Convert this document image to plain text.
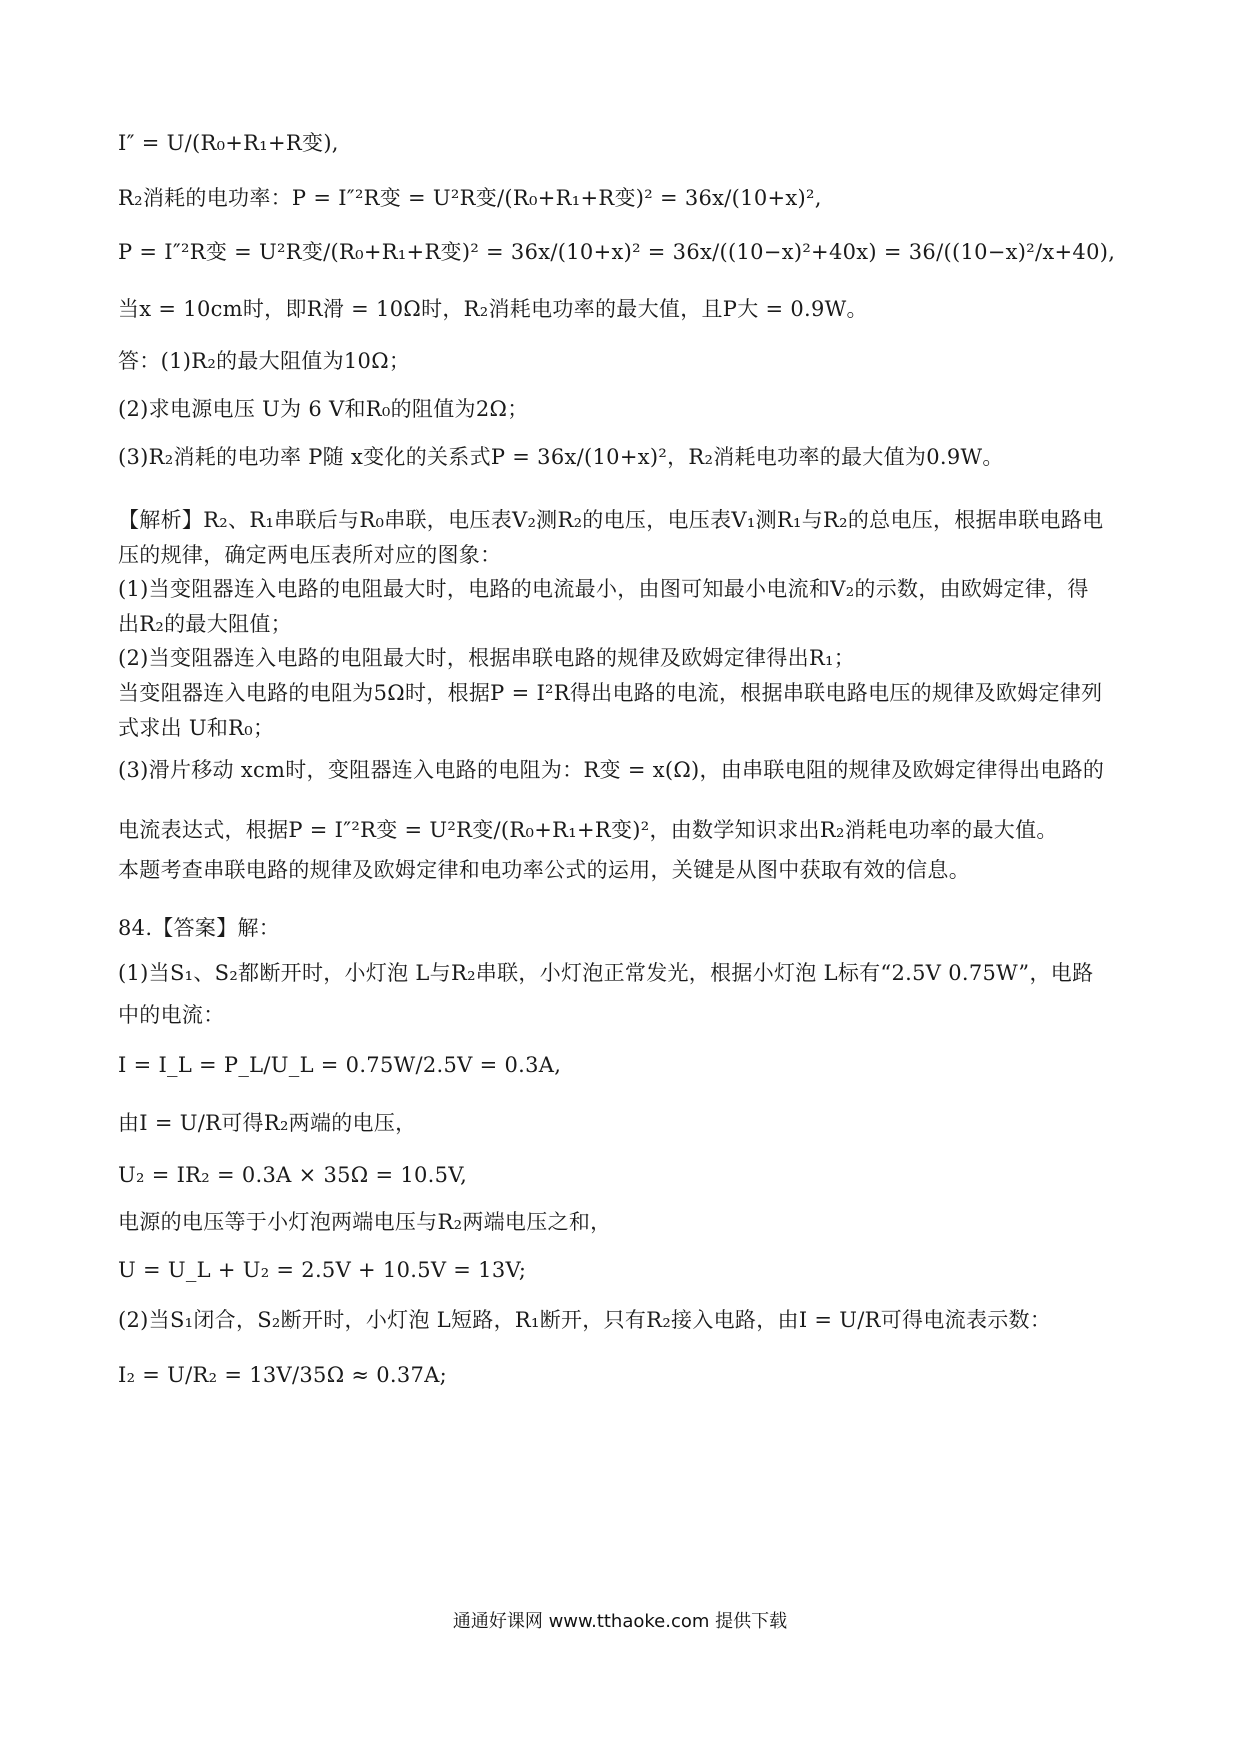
I″ = U/(R₀+R₁+R变),
R₂消耗的电功率：P = I″²R变 = U²R变/(R₀+R₁+R变)² = 36x/(10+x)²,
P = I″²R变 = U²R变/(R₀+R₁+R变)² = 36x/(10+x)² = 36x/((10−x)²+40x) = 36/((10−x)²/x+40),
当x = 10cm时，即R滑 = 10Ω时，R₂消耗电功率的最大值，且P大 = 0.9W。
答：(1)R₂的最大阻值为10Ω；
(2)求电源电压 U为 6 V和R₀的阻值为2Ω；
(3)R₂消耗的电功率 P随 x变化的关系式P = 36x/(10+x)²，R₂消耗电功率的最大值为0.9W。
【解析】R₂、R₁串联后与R₀串联，电压表V₂测R₂的电压，电压表V₁测R₁与R₂的总电压，根据串联电路电
压的规律，确定两电压表所对应的图象：
(1)当变阻器连入电路的电阻最大时，电路的电流最小，由图可知最小电流和V₂的示数，由欧姆定律，得
出R₂的最大阻值；
(2)当变阻器连入电路的电阻最大时，根据串联电路的规律及欧姆定律得出R₁；
当变阻器连入电路的电阻为5Ω时，根据P = I²R得出电路的电流，根据串联电路电压的规律及欧姆定律列
式求出 U和R₀；
(3)滑片移动 xcm时，变阻器连入电路的电阻为：R变 = x(Ω)，由串联电阻的规律及欧姆定律得出电路的
电流表达式，根据P = I″²R变 = U²R变/(R₀+R₁+R变)²，由数学知识求出R₂消耗电功率的最大值。
本题考查串联电路的规律及欧姆定律和电功率公式的运用，关键是从图中获取有效的信息。
84.【答案】解：
(1)当S₁、S₂都断开时，小灯泡 L与R₂串联，小灯泡正常发光，根据小灯泡 L标有“2.5V 0.75W”，电路
中的电流：
I = I_L = P_L/U_L = 0.75W/2.5V = 0.3A,
由I = U/R可得R₂两端的电压，
U₂ = IR₂ = 0.3A × 35Ω = 10.5V,
电源的电压等于小灯泡两端电压与R₂两端电压之和，
U = U_L + U₂ = 2.5V + 10.5V = 13V;
(2)当S₁闭合，S₂断开时，小灯泡 L短路，R₁断开，只有R₂接入电路，由I = U/R可得电流表示数：
I₂ = U/R₂ = 13V/35Ω ≈ 0.37A;
通通好课网 www.tthaoke.com 提供下载
